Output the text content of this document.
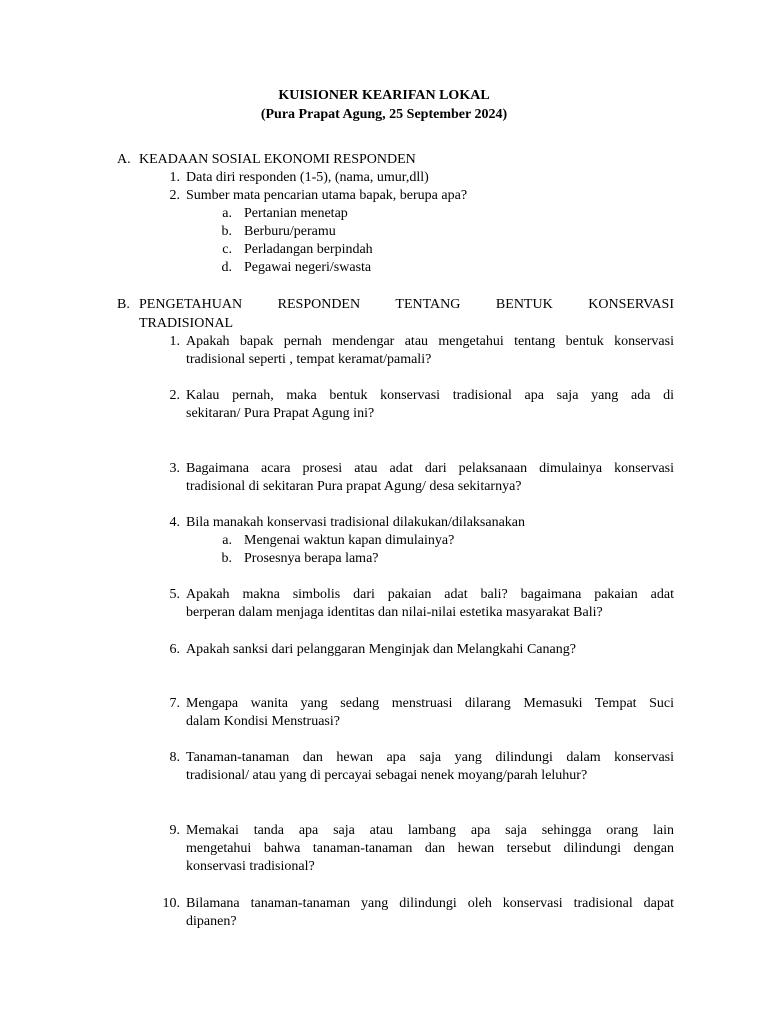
KUISIONER KEARIFAN LOKAL
(Pura Prapat Agung, 25 September 2024)
A. KEADAAN SOSIAL EKONOMI RESPONDEN
1. Data diri responden (1-5), (nama, umur,dll)
2. Sumber mata pencarian utama bapak, berupa apa?
a. Pertanian menetap
b. Berburu/peramu
c. Perladangan berpindah
d. Pegawai negeri/swasta
B. PENGETAHUAN RESPONDEN TENTANG BENTUK KONSERVASI
TRADISIONAL
1. Apakah bapak pernah mendengar atau mengetahui tentang bentuk konservasi
tradisional seperti , tempat keramat/pamali?
2. Kalau pernah, maka bentuk konservasi tradisional apa saja yang ada di
sekitaran/ Pura Prapat Agung ini?
3. Bagaimana acara prosesi atau adat dari pelaksanaan dimulainya konservasi
tradisional di sekitaran Pura prapat Agung/ desa sekitarnya?
4. Bila manakah konservasi tradisional dilakukan/dilaksanakan
a. Mengenai waktun kapan dimulainya?
b. Prosesnya berapa lama?
5. Apakah makna simbolis dari pakaian adat bali? bagaimana pakaian adat
berperan dalam menjaga identitas dan nilai-nilai estetika masyarakat Bali?
6. Apakah sanksi dari pelanggaran Menginjak dan Melangkahi Canang?
7. Mengapa wanita yang sedang menstruasi dilarang Memasuki Tempat Suci
dalam Kondisi Menstruasi?
8. Tanaman-tanaman dan hewan apa saja yang dilindungi dalam konservasi
tradisional/ atau yang di percayai sebagai nenek moyang/parah leluhur?
9. Memakai tanda apa saja atau lambang apa saja sehingga orang lain
mengetahui bahwa tanaman-tanaman dan hewan tersebut dilindungi dengan
konservasi tradisional?
10. Bilamana tanaman-tanaman yang dilindungi oleh konservasi tradisional dapat
dipanen?
